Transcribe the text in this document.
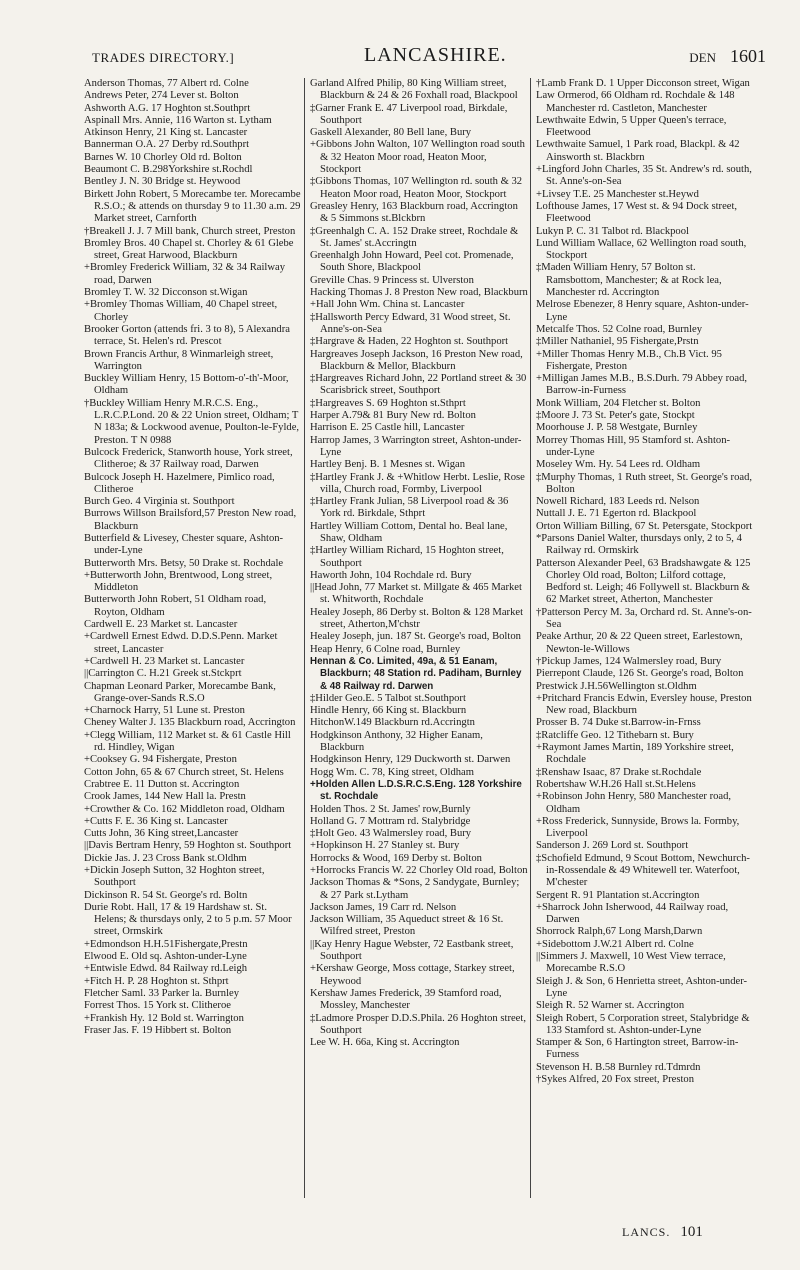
TRADES DIRECTORY.]	LANCASHIRE.	DEN 1601

Anderson Thomas, 77 Albert rd. Colne

Andrews Peter, 274 Lever st. Bolton

Ashworth A.G. 17 Hoghton st.Southprt

Aspinall Mrs. Annie, 116 Warton st. Lytham

Atkinson Henry, 21 King st. Lancaster

Bannerman O.A. 27 Derby rd.Southprt

Barnes W. 10 Chorley Old rd. Bolton

Beaumont C. B.298Yorkshire st.Rochdl

Bentley J. N. 30 Bridge st. Heywood

Birkett John Robert, 5 Morecambe ter. Morecambe R.S.O.; & attends on thursday 9 to 11.30 a.m. 29 Market street, Carnforth

†Breakell J. J. 7 Mill bank, Church street, Preston

Bromley Bros. 40 Chapel st. Chorley & 61 Glebe street, Great Harwood, Blackburn

+Bromley Frederick William, 32 & 34 Railway road, Darwen

Bromley T. W. 32 Dicconson st.Wigan

+Bromley Thomas William, 40 Chapel street, Chorley

Brooker Gorton (attends fri. 3 to 8), 5 Alexandra terrace, St. Helen's rd. Prescot

Brown Francis Arthur, 8 Winmarleigh street, Warrington

Buckley William Henry, 15 Bottom-o'-th'-Moor, Oldham

†Buckley William Henry M.R.C.S. Eng., L.R.C.P.Lond. 20 & 22 Union street, Oldham; T N 183a; & Lockwood avenue, Poulton-le-Fylde, Preston. T N 0988

Bulcock Frederick, Stanworth house, York street, Clitheroe; & 37 Railway road, Darwen

Bulcock Joseph H. Hazelmere, Pimlico road, Clitheroe

Burch Geo. 4 Virginia st. Southport

Burrows Willson Brailsford,57 Preston New road, Blackburn

Butterfield & Livesey, Chester square, Ashton-under-Lyne

Butterworth Mrs. Betsy, 50 Drake st. Rochdale

+Butterworth John, Brentwood, Long street, Middleton

Butterworth John Robert, 51 Oldham road, Royton, Oldham

Cardwell E. 23 Market st. Lancaster

+Cardwell Ernest Edwd. D.D.S.Penn. Market street, Lancaster

+Cardwell H. 23 Market st. Lancaster

||Carrington C. H.21 Greek st.Stckprt

Chapman Leonard Parker, Morecambe Bank, Grange-over-Sands R.S.O

+Charnock Harry, 51 Lune st. Preston

Cheney Walter J. 135 Blackburn road, Accrington

+Clegg William, 112 Market st. & 61 Castle Hill rd. Hindley, Wigan

+Cooksey G. 94 Fishergate, Preston

Cotton John, 65 & 67 Church street, St. Helens

Crabtree E. 11 Dutton st. Accrington

Crook James, 144 New Hall la. Prestn

+Crowther & Co. 162 Middleton road, Oldham

+Cutts F. E. 36 King st. Lancaster

Cutts John, 36 King street,Lancaster

||Davis Bertram Henry, 59 Hoghton st. Southport

Dickie Jas. J. 23 Cross Bank st.Oldhm

+Dickin Joseph Sutton, 32 Hoghton street, Southport

Dickinson R. 54 St. George's rd. Boltn

Durie Robt. Hall, 17 & 19 Hardshaw st. St. Helens; & thursdays only, 2 to 5 p.m. 57 Moor street, Ormskirk

+Edmondson H.H.51Fishergate,Prestn

Elwood E. Old sq. Ashton-under-Lyne

+Entwisle Edwd. 84 Railway rd.Leigh

+Fitch H. P. 28 Hoghton st. Sthprt

Fletcher Saml. 33 Parker la. Burnley

Forrest Thos. 15 York st. Clitheroe

+Frankish Hy. 12 Bold st. Warrington

Fraser Jas. F. 19 Hibbert st. Bolton

Garland Alfred Philip, 80 King William street, Blackburn & 24 & 26 Foxhall road, Blackpool

‡Garner Frank E. 47 Liverpool road, Birkdale, Southport

Gaskell Alexander, 80 Bell lane, Bury

+Gibbons John Walton, 107 Wellington road south & 32 Heaton Moor road, Heaton Moor, Stockport

‡Gibbons Thomas, 107 Wellington rd. south & 32 Heaton Moor road, Heaton Moor, Stockport

Greasley Henry, 163 Blackburn road, Accrington & 5 Simmons st.Blckbrn

‡Greenhalgh C. A. 152 Drake street, Rochdale & St. James' st.Accringtn

Greenhalgh John Howard, Peel cot. Promenade, South Shore, Blackpool

Greville Chas. 9 Princess st. Ulverston

Hacking Thomas J. 8 Preston New road, Blackburn

+Hall John Wm. China st. Lancaster

‡Hallsworth Percy Edward, 31 Wood street, St. Anne's-on-Sea

‡Hargrave & Haden, 22 Hoghton st. Southport

Hargreaves Joseph Jackson, 16 Preston New road, Blackburn & Mellor, Blackburn

‡Hargreaves Richard John, 22 Portland street & 30 Scarisbrick street, Southport

‡Hargreaves S. 69 Hoghton st.Sthprt

Harper A.79& 81 Bury New rd. Bolton

Harrison E. 25 Castle hill, Lancaster

Harrop James, 3 Warrington street, Ashton-under-Lyne

Hartley Benj. B. 1 Mesnes st. Wigan

‡Hartley Frank J. & +Whitlow Herbt. Leslie, Rose villa, Church road, Formby, Liverpool

‡Hartley Frank Julian, 58 Liverpool road & 36 York rd. Birkdale, Sthprt

Hartley William Cottom, Dental ho. Beal lane, Shaw, Oldham

‡Hartley William Richard, 15 Hoghton street, Southport

Haworth John, 104 Rochdale rd. Bury

||Head John, 77 Market st. Millgate & 465 Market st. Whitworth, Rochdale

Healey Joseph, 86 Derby st. Bolton & 128 Market street, Atherton,M'chstr

Healey Joseph, jun. 187 St. George's road, Bolton

Heap Henry, 6 Colne road, Burnley

Hennan & Co. Limited, 49a, & 51 Eanam, Blackburn; 48 Station rd. Padiham, Burnley & 48 Railway rd. Darwen

‡Hilder Geo.E. 5 Talbot st.Southport

Hindle Henry, 66 King st. Blackburn

HitchonW.149 Blackburn rd.Accringtn

Hodgkinson Anthony, 32 Higher Eanam, Blackburn

Hodgkinson Henry, 129 Duckworth st. Darwen

Hogg Wm. C. 78, King street, Oldham

+Holden Allen L.D.S.R.C.S.Eng. 128 Yorkshire st. Rochdale

Holden Thos. 2 St. James' row,Burnly

Holland G. 7 Mottram rd. Stalybridge

‡Holt Geo. 43 Walmersley road, Bury

+Hopkinson H. 27 Stanley st. Bury

Horrocks & Wood, 169 Derby st. Bolton

+Horrocks Francis W. 22 Chorley Old road, Bolton

Jackson Thomas & *Sons, 2 Sandygate, Burnley; & 27 Park st.Lytham

Jackson James, 19 Carr rd. Nelson

Jackson William, 35 Aqueduct street & 16 St. Wilfred street, Preston

||Kay Henry Hague Webster, 72 Eastbank street, Southport

+Kershaw George, Moss cottage, Starkey street, Heywood

Kershaw James Frederick, 39 Stamford road, Mossley, Manchester

‡Ladmore Prosper D.D.S.Phila. 26 Hoghton street, Southport

Lee W. H. 66a, King st. Accrington

†Lamb Frank D. 1 Upper Dicconson street, Wigan

Law Ormerod, 66 Oldham rd. Rochdale & 148 Manchester rd. Castleton, Manchester

Lewthwaite Edwin, 5 Upper Queen's terrace, Fleetwood

Lewthwaite Samuel, 1 Park road, Blackpl. & 42 Ainsworth st. Blackbrn

+Lingford John Charles, 35 St. Andrew's rd. south, St. Anne's-on-Sea

+Livsey T.E. 25 Manchester st.Heywd

Lofthouse James, 17 West st. & 94 Dock street, Fleetwood

Lukyn P. C. 31 Talbot rd. Blackpool

Lund William Wallace, 62 Wellington road south, Stockport

‡Maden William Henry, 57 Bolton st. Ramsbottom, Manchester; & at Rock lea, Manchester rd. Accrington

Melrose Ebenezer, 8 Henry square, Ashton-under-Lyne

Metcalfe Thos. 52 Colne road, Burnley

‡Miller Nathaniel, 95 Fishergate,Prstn

+Miller Thomas Henry M.B., Ch.B Vict. 95 Fishergate, Preston

+Milligan James M.B., B.S.Durh. 79 Abbey road, Barrow-in-Furness

Monk William, 204 Fletcher st. Bolton

‡Moore J. 73 St. Peter's gate, Stockpt

Moorhouse J. P. 58 Westgate, Burnley

Morrey Thomas Hill, 95 Stamford st. Ashton-under-Lyne

Moseley Wm. Hy. 54 Lees rd. Oldham

‡Murphy Thomas, 1 Ruth street, St. George's road, Bolton

Nowell Richard, 183 Leeds rd. Nelson

Nuttall J. E. 71 Egerton rd. Blackpool

Orton William Billing, 67 St. Petersgate, Stockport

*Parsons Daniel Walter, thursdays only, 2 to 5, 4 Railway rd. Ormskirk

Patterson Alexander Peel, 63 Bradshawgate & 125 Chorley Old road, Bolton; Lilford cottage, Bedford st. Leigh; 46 Follywell st. Blackburn & 62 Market street, Atherton, Manchester

†Patterson Percy M. 3a, Orchard rd. St. Anne's-on-Sea

Peake Arthur, 20 & 22 Queen street, Earlestown, Newton-le-Willows

†Pickup James, 124 Walmersley road, Bury

Pierrepont Claude, 126 St. George's road, Bolton

Prestwick J.H.56Wellington st.Oldhm

+Pritchard Francis Edwin, Eversley house, Preston New road, Blackburn

Prosser B. 74 Duke st.Barrow-in-Frnss

‡Ratcliffe Geo. 12 Tithebarn st. Bury

+Raymont James Martin, 189 Yorkshire street, Rochdale

‡Renshaw Isaac, 87 Drake st.Rochdale

Robertshaw W.H.26 Hall st.St.Helens

+Robinson John Henry, 580 Manchester road, Oldham

+Ross Frederick, Sunnyside, Brows la. Formby, Liverpool

Sanderson J. 269 Lord st. Southport

‡Schofield Edmund, 9 Scout Bottom, Newchurch-in-Rossendale & 49 Whitewell ter. Waterfoot, M'chester

Sergent R. 91 Plantation st.Accrington

+Sharrock John Isherwood, 44 Railway road, Darwen

Shorrock Ralph,67 Long Marsh,Darwn

+Sidebottom J.W.21 Albert rd. Colne

||Simmers J. Maxwell, 10 West View terrace, Morecambe R.S.O

Sleigh J. & Son, 6 Henrietta street, Ashton-under-Lyne

Sleigh R. 52 Warner st. Accrington

Sleigh Robert, 5 Corporation street, Stalybridge & 133 Stamford st. Ashton-under-Lyne

Stamper & Son, 6 Hartington street, Barrow-in-Furness

Stevenson H. B.58 Burnley rd.Tdmrdn

†Sykes Alfred, 20 Fox street, Preston

LANCS. 101
